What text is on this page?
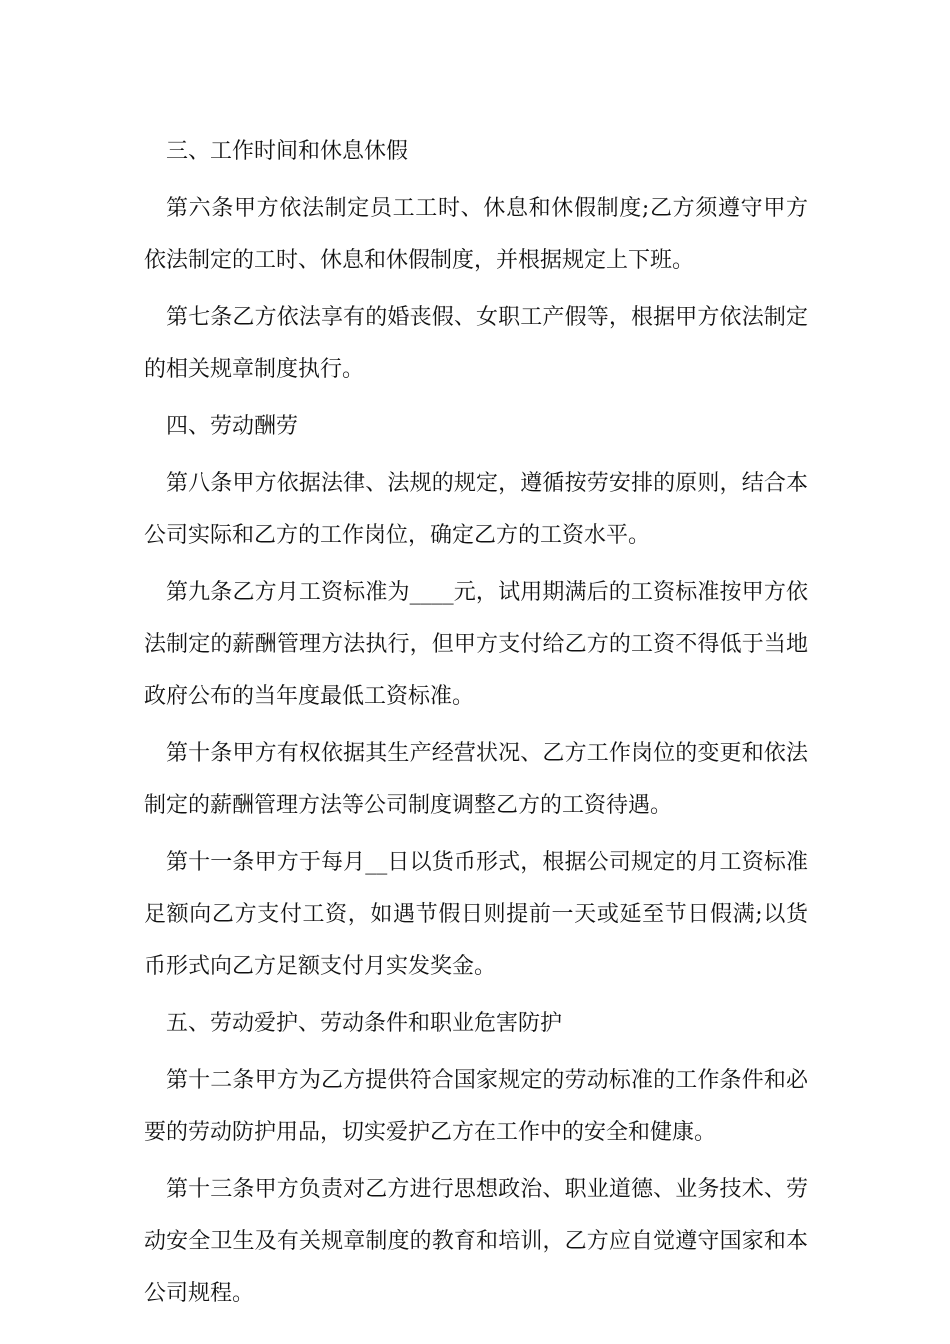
三、工作时间和休息休假

第六条甲方依法制定员工工时、休息和休假制度;乙方须遵守甲方依法制定的工时、休息和休假制度，并根据规定上下班。

第七条乙方依法享有的婚丧假、女职工产假等，根据甲方依法制定的相关规章制度执行。

四、劳动酬劳

第八条甲方依据法律、法规的规定，遵循按劳安排的原则，结合本公司实际和乙方的工作岗位，确定乙方的工资水平。

第九条乙方月工资标准为____元，试用期满后的工资标准按甲方依法制定的薪酬管理方法执行，但甲方支付给乙方的工资不得低于当地政府公布的当年度最低工资标准。

第十条甲方有权依据其生产经营状况、乙方工作岗位的变更和依法制定的薪酬管理方法等公司制度调整乙方的工资待遇。

第十一条甲方于每月__日以货币形式，根据公司规定的月工资标准足额向乙方支付工资，如遇节假日则提前一天或延至节日假满;以货币形式向乙方足额支付月实发奖金。

五、劳动爱护、劳动条件和职业危害防护

第十二条甲方为乙方提供符合国家规定的劳动标准的工作条件和必要的劳动防护用品，切实爱护乙方在工作中的安全和健康。

第十三条甲方负责对乙方进行思想政治、职业道德、业务技术、劳动安全卫生及有关规章制度的教育和培训，乙方应自觉遵守国家和本公司规程。
